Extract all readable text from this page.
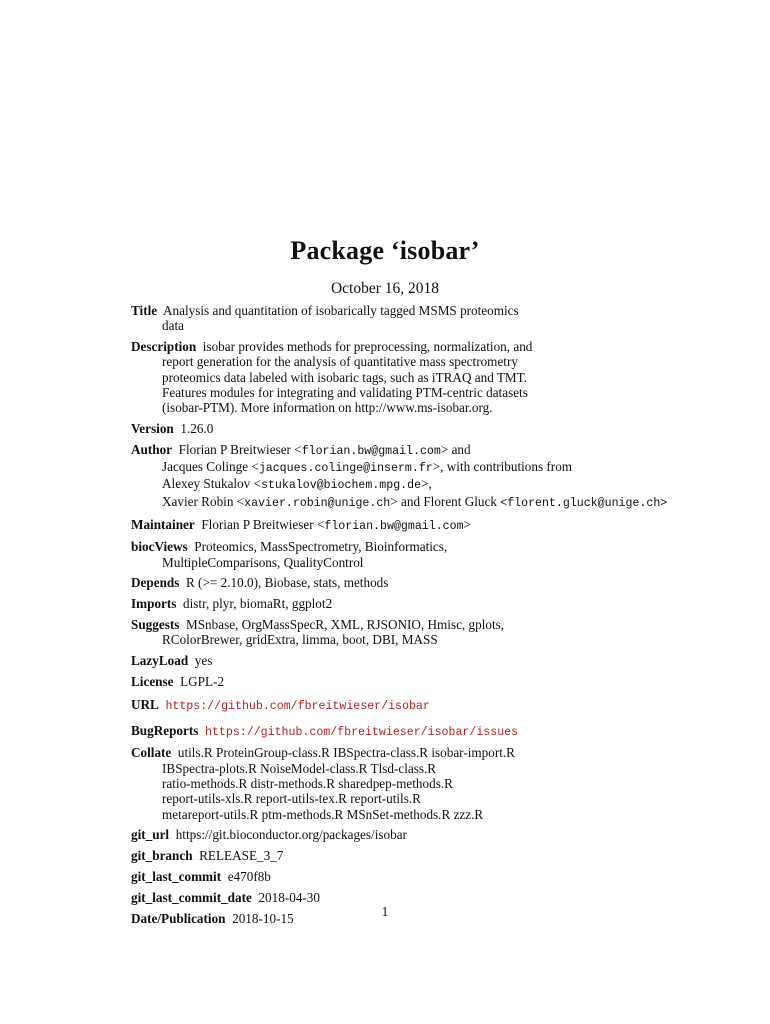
Package ‘isobar’
October 16, 2018
Title Analysis and quantitation of isobarically tagged MSMS proteomics
data
Description isobar provides methods for preprocessing, normalization, and
report generation for the analysis of quantitative mass spectrometry
proteomics data labeled with isobaric tags, such as iTRAQ and TMT.
Features modules for integrating and validating PTM-centric datasets
(isobar-PTM). More information on http://www.ms-isobar.org.
Version 1.26.0
Author Florian P Breitwieser <florian.bw@gmail.com> and
Jacques Colinge <jacques.colinge@inserm.fr>, with contributions from
Alexey Stukalov <stukalov@biochem.mpg.de>,
Xavier Robin <xavier.robin@unige.ch> and Florent Gluck <florent.gluck@unige.ch>
Maintainer Florian P Breitwieser <florian.bw@gmail.com>
biocViews Proteomics, MassSpectrometry, Bioinformatics,
MultipleComparisons, QualityControl
Depends R (>= 2.10.0), Biobase, stats, methods
Imports distr, plyr, biomaRt, ggplot2
Suggests MSnbase, OrgMassSpecR, XML, RJSONIO, Hmisc, gplots,
RColorBrewer, gridExtra, limma, boot, DBI, MASS
LazyLoad yes
License LGPL-2
URL https://github.com/fbreitwieser/isobar
BugReports https://github.com/fbreitwieser/isobar/issues
Collate utils.R ProteinGroup-class.R IBSpectra-class.R isobar-import.R
IBSpectra-plots.R NoiseModel-class.R Tlsd-class.R
ratio-methods.R distr-methods.R sharedpep-methods.R
report-utils-xls.R report-utils-tex.R report-utils.R
metareport-utils.R ptm-methods.R MSnSet-methods.R zzz.R
git_url https://git.bioconductor.org/packages/isobar
git_branch RELEASE_3_7
git_last_commit e470f8b
git_last_commit_date 2018-04-30
Date/Publication 2018-10-15	1
